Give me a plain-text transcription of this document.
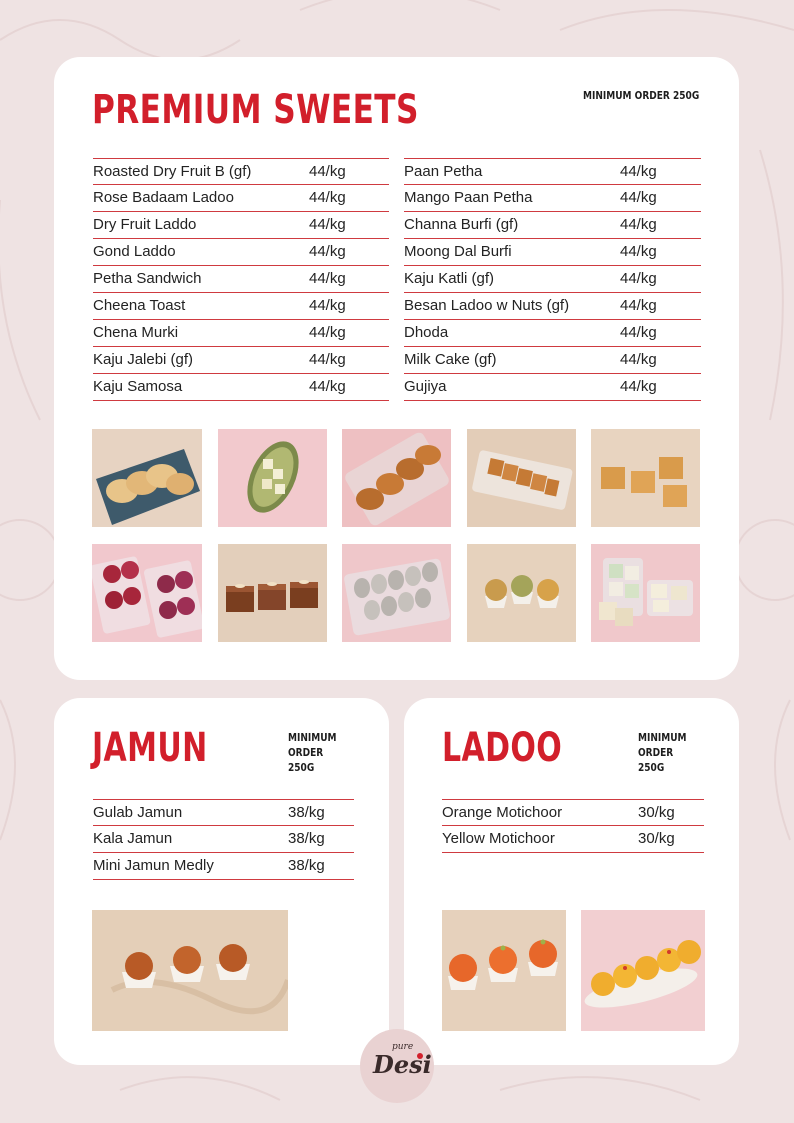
PREMIUM SWEETS	MINIMUM ORDER 250G
Roasted Dry Fruit B (gf)	44/kg
Rose Badaam Ladoo	44/kg
Dry Fruit Laddo	44/kg
Gond Laddo	44/kg
Petha Sandwich	44/kg
Cheena Toast	44/kg
Chena Murki	44/kg
Kaju Jalebi (gf)	44/kg
Kaju Samosa	44/kg
Paan Petha	44/kg
Mango Paan Petha	44/kg
Channa Burfi (gf)	44/kg
Moong Dal Burfi	44/kg
Kaju Katli (gf)	44/kg
Besan Ladoo w Nuts (gf)	44/kg
Dhoda	44/kg
Milk Cake (gf)	44/kg
Gujiya	44/kg
JAMUN	MINIMUM ORDER 250G
Gulab Jamun	38/kg
Kala Jamun	38/kg
Mini Jamun Medly	38/kg
LADOO	MINIMUM ORDER 250G
Orange Motichoor	30/kg
Yellow Motichoor	30/kg
pure
Desi
